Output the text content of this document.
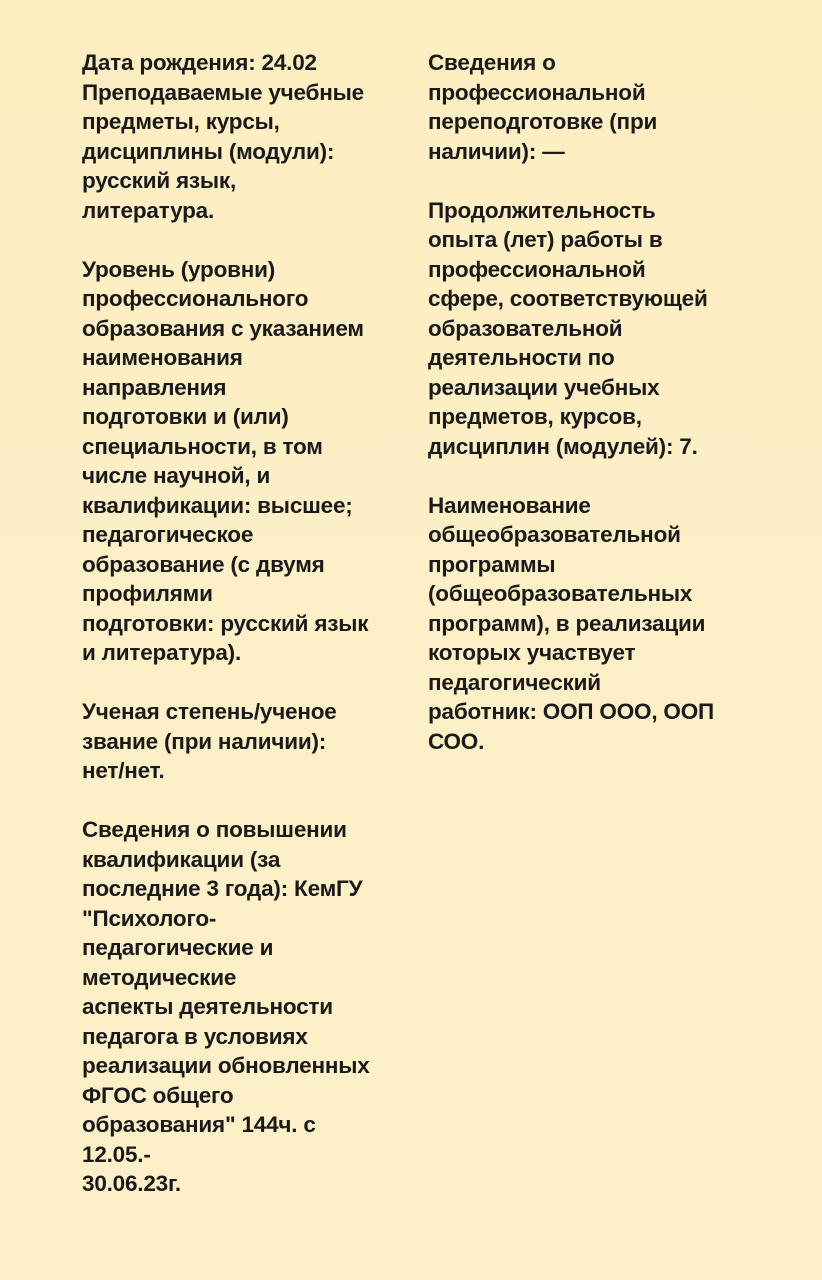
Дата рождения: 24.02
Преподаваемые учебные
предметы, курсы,
дисциплины (модули):
русский язык,
литература.

Уровень (уровни)
профессионального
образования с указанием
наименования
направления
подготовки и (или)
специальности, в том
числе научной, и
квалификации: высшее;
педагогическое
образование (с двумя
профилями
подготовки: русский язык
и литература).

Ученая степень/ученое
звание (при наличии):
нет/нет.

Сведения о повышении
квалификации (за
последние 3 года): КемГУ
"Психолого-
педагогические и
методические
аспекты деятельности
педагога в условиях
реализации обновленных
ФГОС общего
образования" 144ч. с
12.05.-
30.06.23г.

Сведения о
профессиональной
переподготовке (при
наличии): —

Продолжительность
опыта (лет) работы в
профессиональной
сфере, соответствующей
образовательной
деятельности по
реализации учебных
предметов, курсов,
дисциплин (модулей): 7.

Наименование
общеобразовательной
программы
(общеобразовательных
программ), в реализации
которых участвует
педагогический
работник: ООП ООО, ООП
СОО.
